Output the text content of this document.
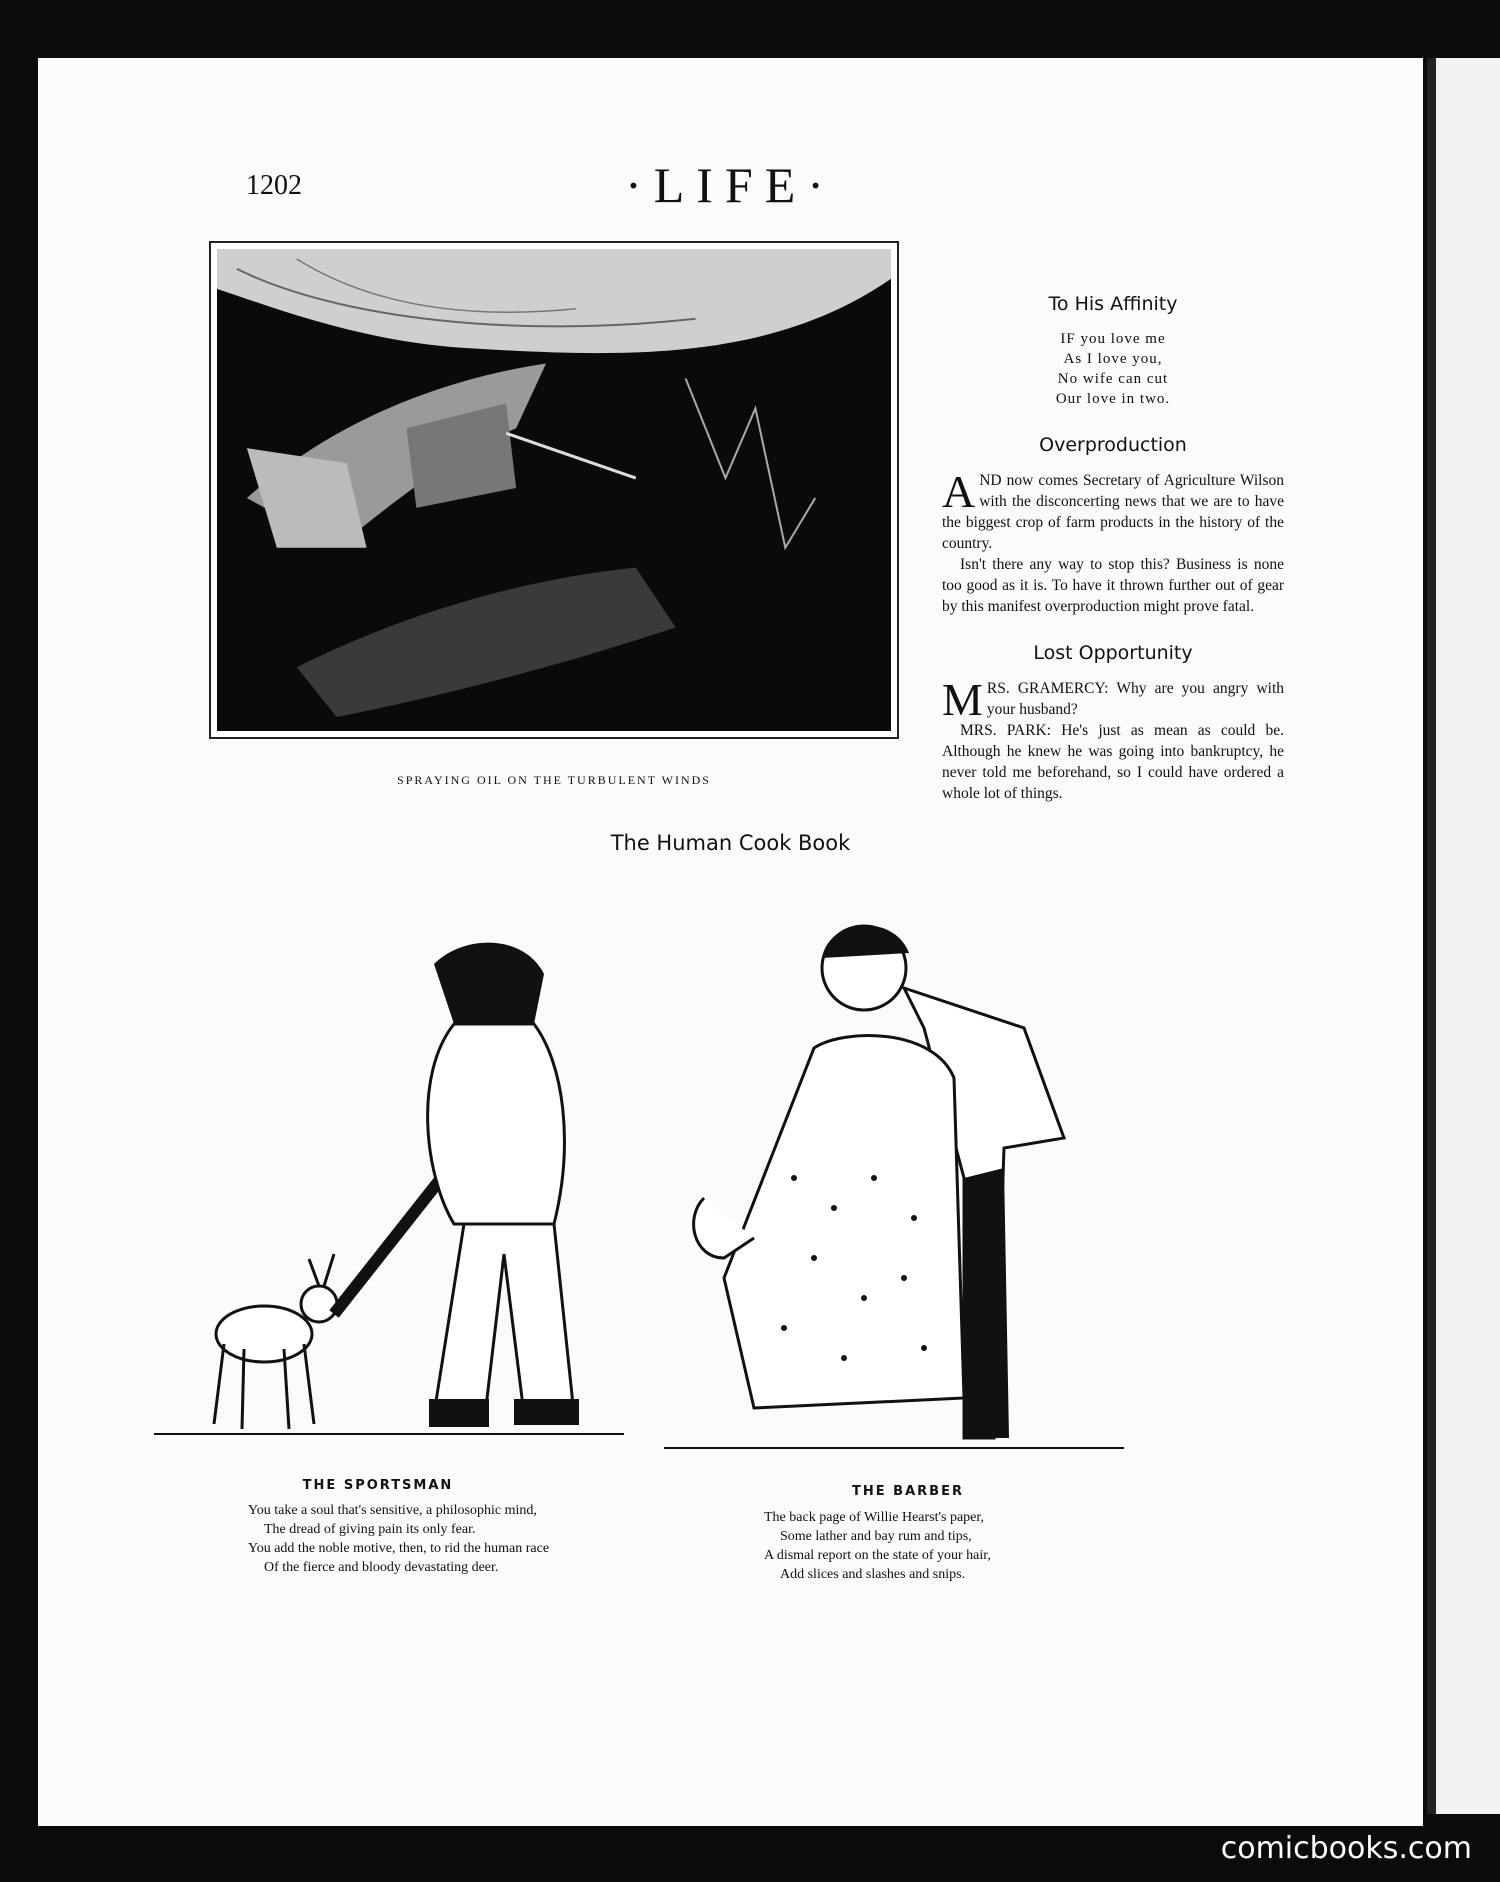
1202	·LIFE·
SPRAYING OIL ON THE TURBULENT WINDS
To His Affinity
IF you love me
As I love you,
No wife can cut
Our love in two.
Overproduction

AND now comes Secretary of Agriculture Wilson with the disconcerting news that we are to have the biggest crop of farm products in the history of the country.

Isn't there any way to stop this? Business is none too good as it is. To have it thrown further out of gear by this manifest overproduction might prove fatal.

Lost Opportunity

MRS. GRAMERCY: Why are you angry with your husband?

MRS. PARK: He's just as mean as could be. Although he knew he was going into bankruptcy, he never told me beforehand, so I could have ordered a whole lot of things.

The Human Cook Book
THE SPORTSMAN
You take a soul that's sensitive, a philosophic mind,
The dread of giving pain its only fear.
You add the noble motive, then, to rid the human race
Of the fierce and bloody devastating deer.
THE BARBER
The back page of Willie Hearst's paper,
Some lather and bay rum and tips,
A dismal report on the state of your hair,
Add slices and slashes and snips.
comicbooks.com
